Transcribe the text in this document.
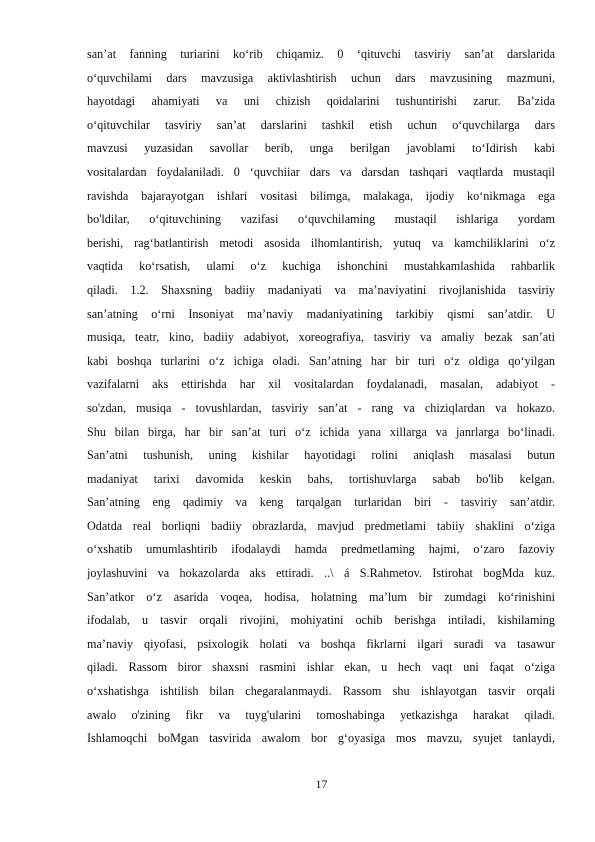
san’at fanning turiarini ko‘rib chiqamiz. 0 ‘qituvchi tasviriy san’at darslarida
o‘quvchilami dars mavzusiga aktivlashtirish uchun dars mavzusining mazmuni,
hayotdagi ahamiyati va uni chizish qoidalarini tushuntirishi zarur. Ba’zida
o‘qituvchilar tasviriy san’at darslarini tashkil etish uchun o‘quvchilarga dars
mavzusi yuzasidan savollar berib, unga berilgan javoblami to‘Idirish kabi
vositalardan foydalaniladi. 0 ‘quvchiiar dars va darsdan tashqari vaqtlarda mustaqil
ravishda bajarayotgan ishlari vositasi bilimga, malakaga, ijodiy ko‘nikmaga ega
bo'ldilar, o‘qituvchining vazifasi o‘quvchilaming mustaqil ishlariga yordam
berishi, rag‘batlantirish metodi asosida ilhomlantirish, yutuq va kamchiliklarini o‘z
vaqtida ko‘rsatish, ulami o‘z kuchiga ishonchini mustahkamlashida rahbarlik
qiladi. 1.2. Shaxsning badiiy madaniyati va ma’naviyatini rivojlanishida tasviriy
san’atning o‘rni Insoniyat ma’naviy madaniyatining tarkibiy qismi san’atdir. U
musiqa, teatr, kino, badiiy adabiyot, xoreografiya, tasviriy va amaliy bezak san’ati
kabi boshqa turlarini o‘z ichiga oladi. San’atning har bir turi o‘z oldiga qo‘yilgan
vazifalarni aks ettirishda har xil vositalardan foydalanadi, masalan, adabiyot -
so'zdan, musiqa - tovushlardan, tasviriy san’at - rang va chiziqlardan va hokazo.
Shu bilan birga, har bir san’at turi o‘z ichida yana xillarga va janrlarga bo‘linadi.
San’atni tushunish, uning kishilar hayotidagi rolini aniqlash masalasi butun
madaniyat tarixi davomida keskin bahs, tortishuvlarga sabab bo'lib kelgan.
San’atning eng qadimiy va keng tarqalgan turlaridan biri - tasviriy san’atdir.
Odatda real borliqni badiiy obrazlarda, mavjud predmetlami tabiiy shaklini o‘ziga
o‘xshatib umumlashtirib ifodalaydi hamda predmetlaming hajmi, o‘zaro fazoviy
joylashuvini va hokazolarda aks ettiradi. ..\ á S.Rahmetov. Istirohat bogMda kuz.
San’atkor o‘z asarida voqea, hodisa, holatning ma’lum bir zumdagi ko‘rinishini
ifodalab, u tasvir orqali rivojini, mohiyatini ochib berishga intiladi, kishilaming
ma’naviy qiyofasi, psixologik holati va boshqa fikrlarni ilgari suradi va tasawur
qiladi. Rassom biror shaxsni rasmini ishlar ekan, u hech vaqt uni faqat o‘ziga
o‘xshatishga ishtilish bilan chegaralanmaydi. Rassom shu ishlayotgan tasvir orqali
awalo o'zining fikr va tuyg'ularini tomoshabinga yetkazishga harakat qiladi.
Ishlamoqchi boMgan tasvirida awalom bor g‘oyasiga mos mavzu, syujet tanlaydi,
17
